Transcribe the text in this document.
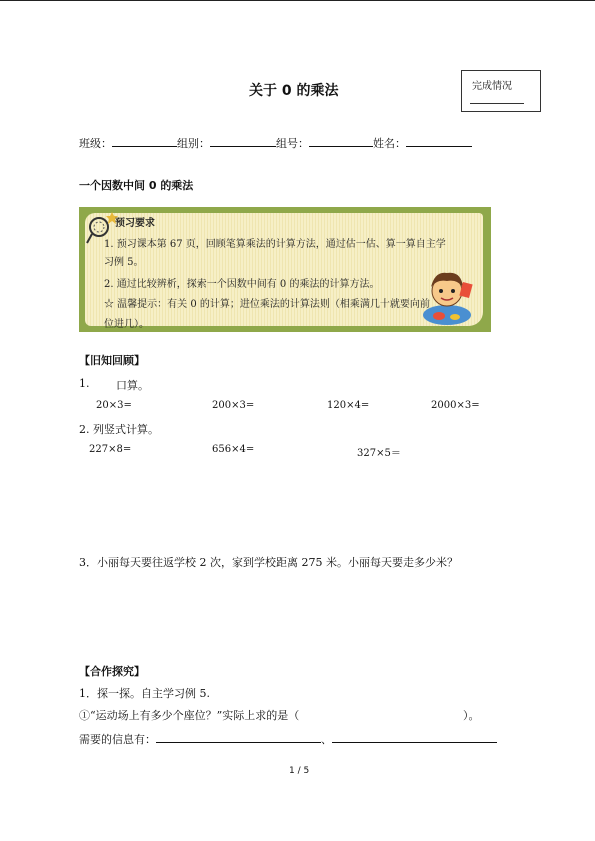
关于 0 的乘法	完成情况
班级：	组别：	组号：	姓名：
一个因数中间 0 的乘法
预习要求
1. 预习课本第 67 页，回顾笔算乘法的计算方法，通过估一估、算一算自主学
习例 5。
2. 通过比较辨析，探索一个因数中间有 0 的乘法的计算方法。
☆ 温馨提示：有关 0 的计算；进位乘法的计算法则（相乘满几十就要向前
位进几）。
【旧知回顾】
1. 口算。
20×3=	200×3=	120×4=	2000×3=
2. 列竖式计算。
227×8=	656×4=	327×5＝
3．小丽每天要往返学校 2 次，家到学校距离 275 米。小丽每天要走多少米？
【合作探究】
1．探一探。自主学习例 5.
①“运动场上有多少个座位？”实际上求的是（	）。
需要的信息有：	、
1 / 5
